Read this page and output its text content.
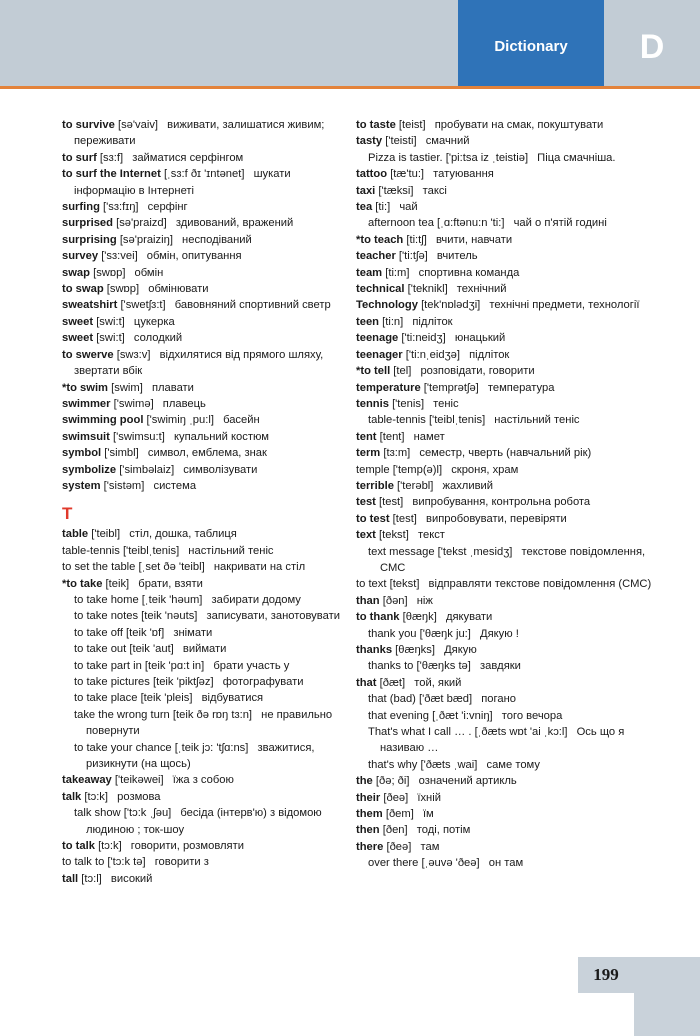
Dictionary	D
to survive [sə'vaiv] виживати, залишатися живим; переживати
to surf [sɜ:f] займатися серфінгом
to surf the Internet [ˌsɜ:f ðɪ 'ɪntənet] шукати інформацію в Інтернеті
surfing ['sɜ:fɪŋ] серфінг
surprised [sə'praizd] здивований, вражений
surprising [sə'praiziŋ] несподіваний
survey ['sɜ:vei] обмін, опитування
swap [swɒp] обмін
to swap [swɒp] обмінювати
sweatshirt ['swetʃɜ:t] бавовняний спортивний светр
sweet [swi:t] цукерка
sweet [swi:t] солодкий
to swerve [swɜ:v] відхилятися від прямого шляху, звертати вбік
*to swim [swim] плавати
swimmer ['swimə] плавець
swimming pool ['swimiŋ ˌpu:l] басейн
swimsuit ['swimsu:t] купальний костюм
symbol ['simbl] символ, емблема, знак
symbolize ['simbəlaiz] символізувати
system ['sistəm] система
T
table ['teibl] стіл, дошка, таблиця
table-tennis ['teiblˌtenis] настільний теніс
to set the table [ˌset ðə 'teibl] накривати на стіл
*to take [teik] брати, взяти
to take home [ˌteik 'həum] забирати додому
to take notes [teik 'nəuts] записувати, занотовувати
to take off [teik 'ɒf] знімати
to take out [teik 'aut] виймати
to take part in [teik 'pɑ:t in] брати участь у
to take pictures [teik 'piktʃəz] фотографувати
to take place [teik 'pleis] відбуватися
take the wrong turn [teik ðə rɒŋ tɜ:n] не правильно повернути
to take your chance [ˌteik jɔ: 'tʃɑ:ns] зважитися, ризикнути (на щось)
takeaway ['teikəwei] їжа з собою
talk [tɔ:k] розмова
talk show ['tɔ:k ˌʃəu] бесіда (інтерв'ю) з відомою людиною ; ток-шоу
to talk [tɔ:k] говорити, розмовляти
to talk to ['tɔ:k tə] говорити з
tall [tɔ:l] високий
to taste [teist] пробувати на смак, покуштувати
tasty ['teisti] смачний
Pizza is tastier. ['pi:tsa iz ˌteistiə] Піца смачніша.
tattoo [tæ'tu:] татуювання
taxi ['tæksi] таксі
tea [ti:] чай
afternoon tea [ˌɑ:ftənu:n 'ti:] чай о п'ятій годині
*to teach [ti:tʃ] вчити, навчати
teacher ['ti:tʃə] вчитель
team [ti:m] спортивна команда
technical ['teknikl] технічний
Technology [tek'nɒlədʒi] технічні предмети, технології
teen [ti:n] підліток
teenage ['ti:neidʒ] юнацький
teenager ['ti:nˌeidʒə] підліток
*to tell [tel] розповідати, говорити
temperature ['temprətʃə] температура
tennis ['tenis] теніс
table-tennis ['teiblˌtenis] настільний теніс
tent [tent] намет
term [tɜ:m] семестр, чверть (навчальний рік)
temple ['temp(ə)l] скроня, храм
terrible ['terəbl] жахливий
test [test] випробування, контрольна робота
to test [test] випробовувати, перевіряти
text [tekst] текст
text message ['tekst ˌmesidʒ] текстове повідомлення, СМС
to text [tekst] відправляти текстове повідомлення (СМС)
than [ðən] ніж
to thank [θæŋk] дякувати
thank you ['θæŋk ju:] Дякую !
thanks [θæŋks] Дякую
thanks to ['θæŋks tə] завдяки
that [ðæt] той, який
that (bad) ['ðæt bæd] погано
that evening [ˌðæt 'i:vniŋ] того вечора
That's what I call … . [ˌðæts wɒt 'ai ˌkɔ:l] Ось що я називаю …
that's why ['ðæts ˌwai] саме тому
the [ðə; ði] означений артикль
their [ðeə] їхній
them [ðem] їм
then [ðen] тоді, потім
there [ðeə] там
over there [ˌəuvə 'ðeə] он там
199
